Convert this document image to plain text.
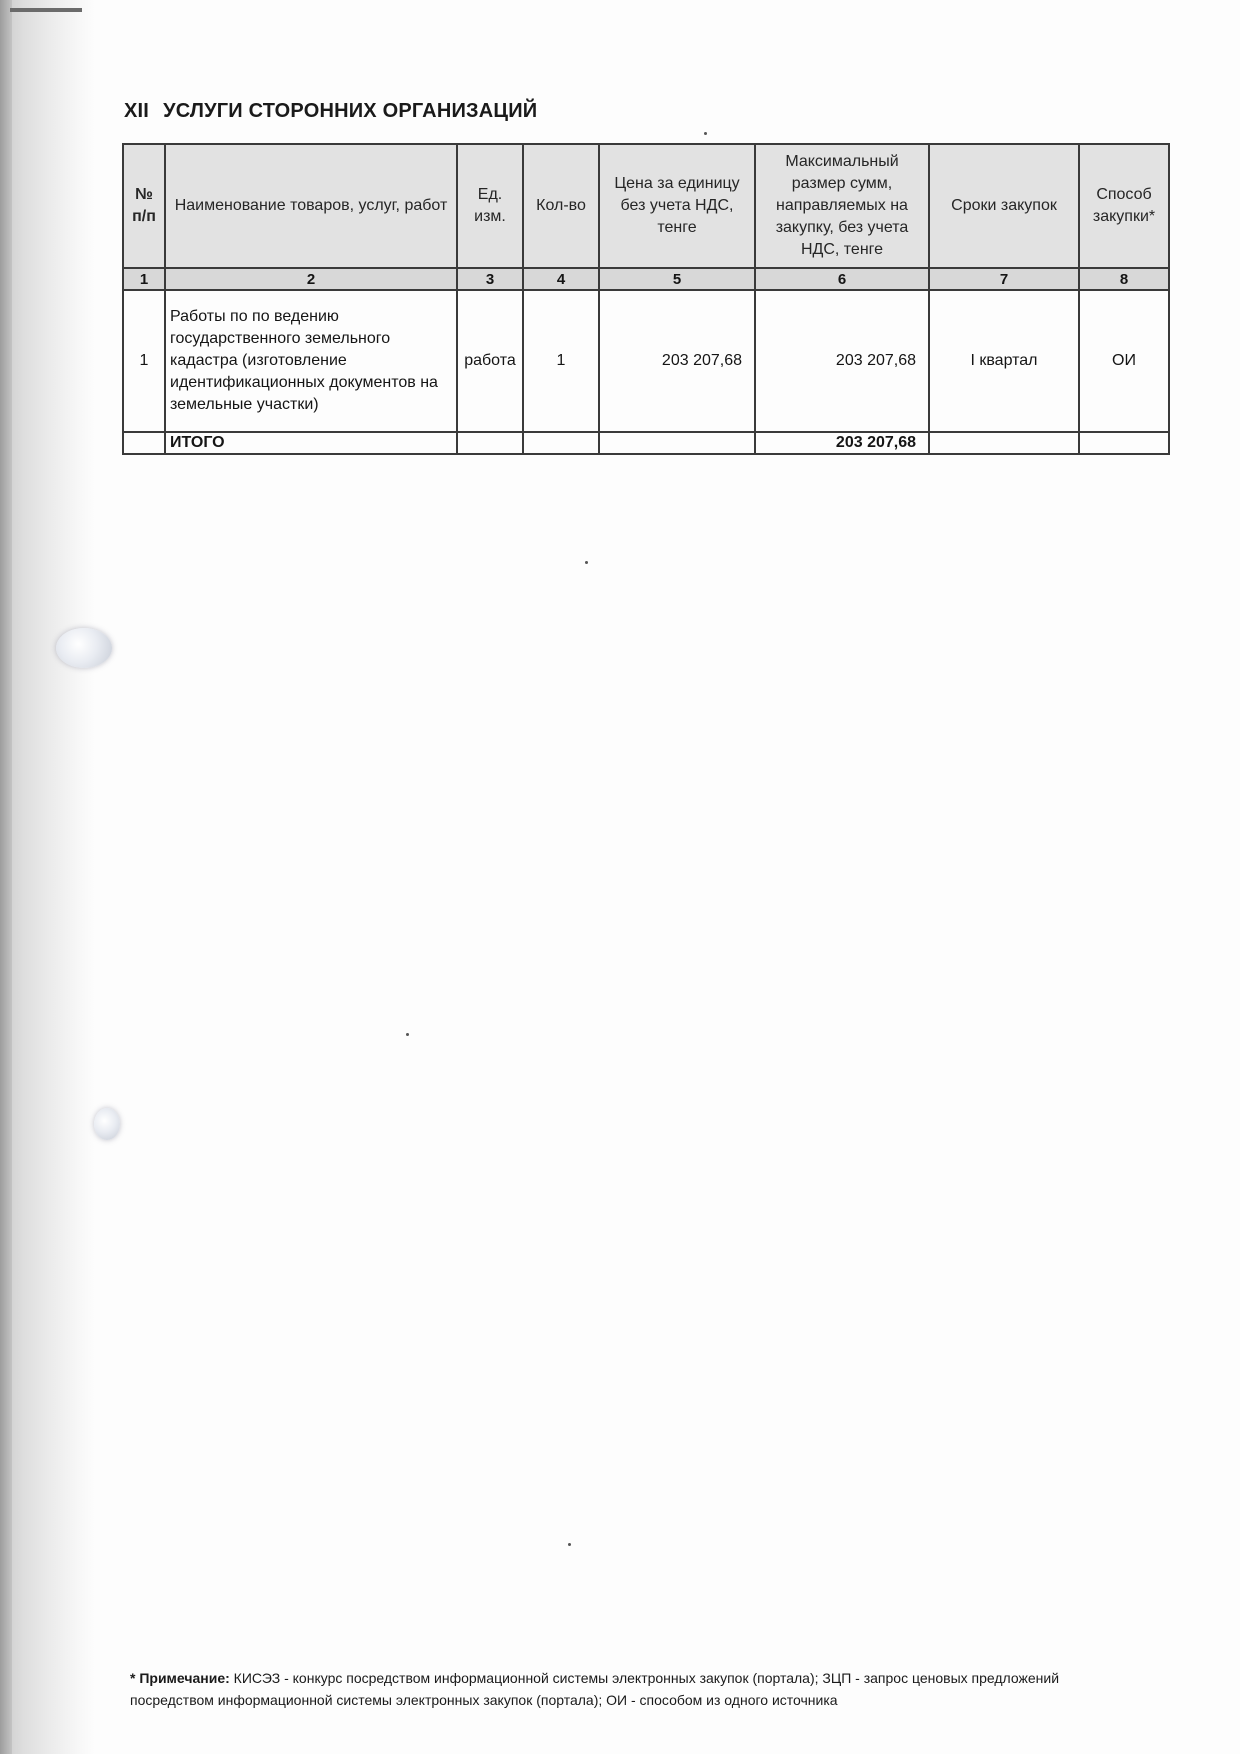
XII УСЛУГИ СТОРОННИХ ОРГАНИЗАЦИЙ
№ п/п	Наименование товаров, услуг, работ	Ед. изм.	Кол-во	Цена за единицу без учета НДС, тенге	Максимальный размер сумм, направляемых на закупку, без учета НДС, тенге	Сроки закупок	Способ закупки*
1	2	3	4	5	6	7	8
1	Работы по по ведению государственного земельного кадастра (изготовление идентификационных документов на земельные участки)	работа	1	203 207,68	203 207,68	I квартал	ОИ
	ИТОГО				203 207,68		
* Примечание: КИСЭЗ - конкурс посредством информационной системы электронных закупок (портала); ЗЦП - запрос ценовых предложений посредством информационной системы электронных закупок (портала); ОИ - способом из одного источника
